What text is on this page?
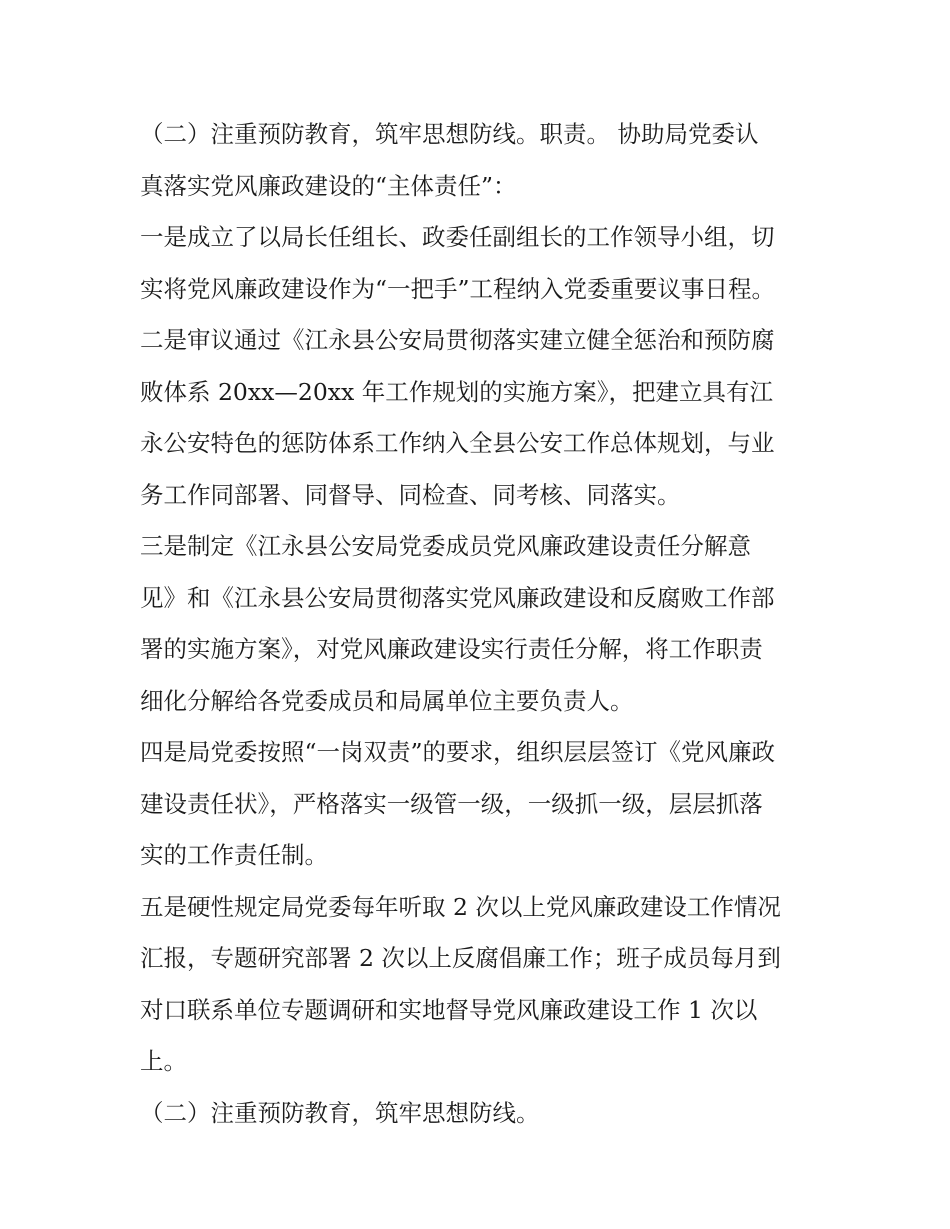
（二）注重预防教育，筑牢思想防线。职责。 协助局党委认
真落实党风廉政建设的“主体责任”：

一是成立了以局长任组长、政委任副组长的工作领导小组，切
实将党风廉政建设作为“一把手”工程纳入党委重要议事日程。

二是审议通过《江永县公安局贯彻落实建立健全惩治和预防腐
败体系 20xx—20xx 年工作规划的实施方案》，把建立具有江
永公安特色的惩防体系工作纳入全县公安工作总体规划，与业
务工作同部署、同督导、同检查、同考核、同落实。

三是制定《江永县公安局党委成员党风廉政建设责任分解意
见》和《江永县公安局贯彻落实党风廉政建设和反腐败工作部
署的实施方案》，对党风廉政建设实行责任分解，将工作职责
细化分解给各党委成员和局属单位主要负责人。

四是局党委按照“一岗双责”的要求，组织层层签订《党风廉政
建设责任状》，严格落实一级管一级，一级抓一级，层层抓落
实的工作责任制。

五是硬性规定局党委每年听取 2 次以上党风廉政建设工作情况
汇报，专题研究部署 2 次以上反腐倡廉工作；班子成员每月到
对口联系单位专题调研和实地督导党风廉政建设工作 1 次以
上。

（二）注重预防教育，筑牢思想防线。
